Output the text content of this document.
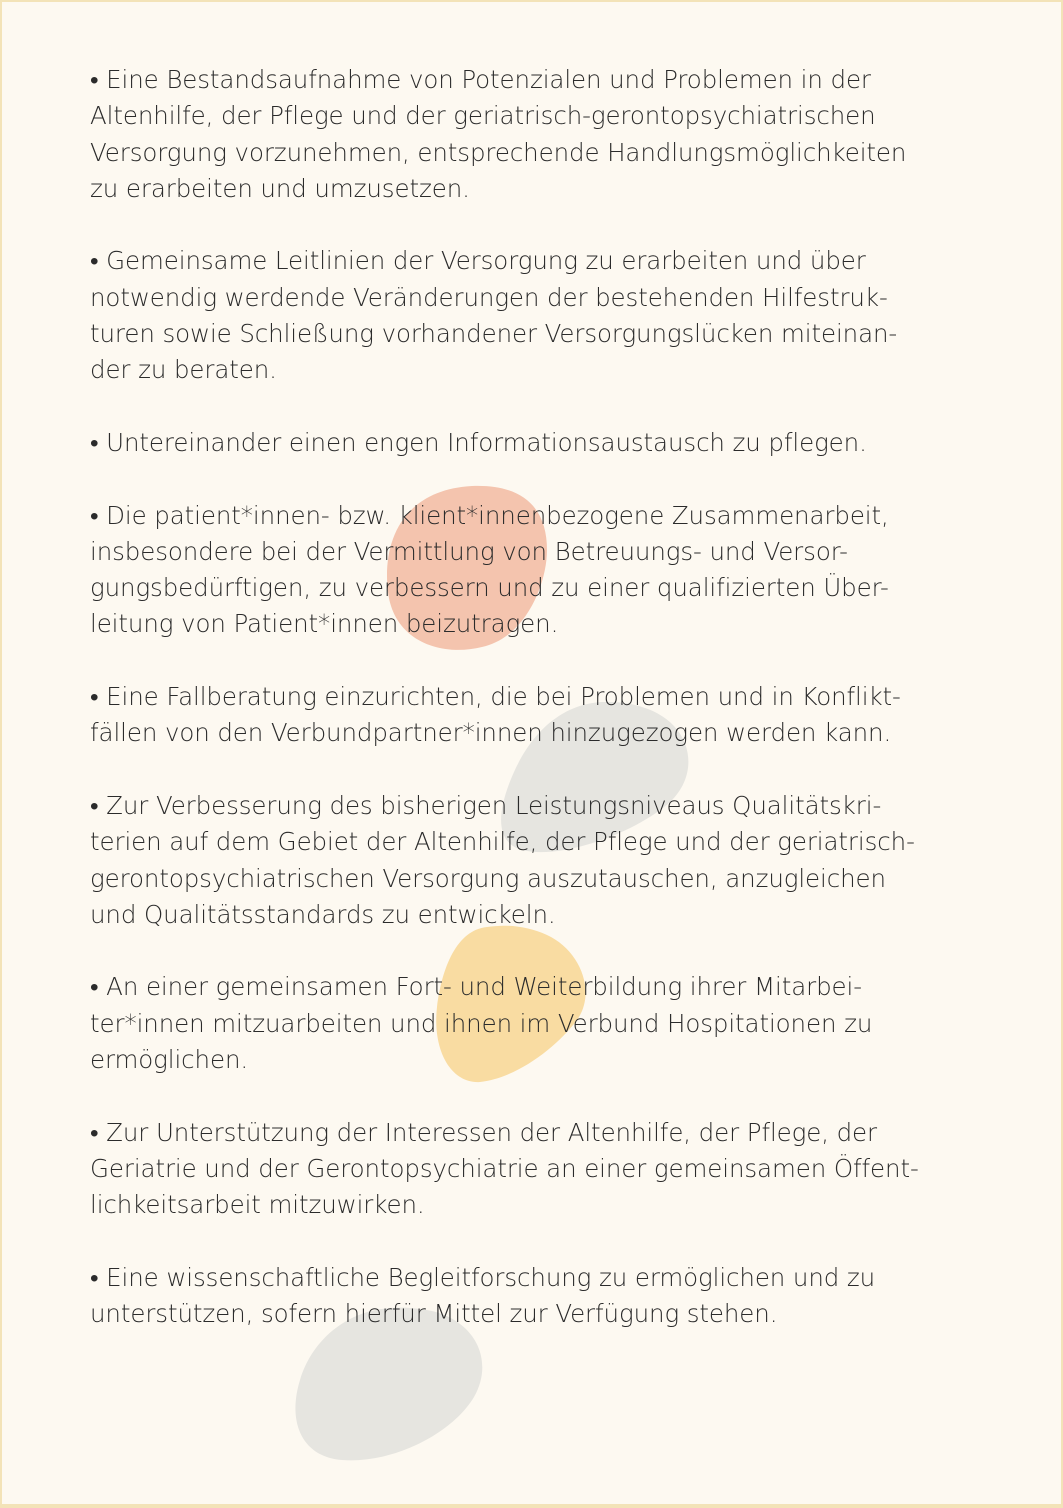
• Eine Bestandsaufnahme von Potenzialen und Problemen in der
Altenhilfe, der Pflege und der geriatrisch-gerontopsychiatrischen
Versorgung vorzunehmen, entsprechende Handlungsmöglichkeiten
zu erarbeiten und umzusetzen.
• Gemeinsame Leitlinien der Versorgung zu erarbeiten und über
notwendig werdende Veränderungen der bestehenden Hilfestruk-
turen sowie Schließung vorhandener Versorgungslücken miteinan-
der zu beraten.
• Untereinander einen engen Informationsaustausch zu pflegen.
• Die patient*innen- bzw. klient*innenbezogene Zusammenarbeit,
insbesondere bei der Vermittlung von Betreuungs- und Versor-
gungsbedürftigen, zu verbessern und zu einer qualifizierten Über-
leitung von Patient*innen beizutragen.
• Eine Fallberatung einzurichten, die bei Problemen und in Konflikt-
fällen von den Verbundpartner*innen hinzugezogen werden kann.
• Zur Verbesserung des bisherigen Leistungsniveaus Qualitätskri-
terien auf dem Gebiet der Altenhilfe, der Pflege und der geriatrisch-
gerontopsychiatrischen Versorgung auszutauschen, anzugleichen
und Qualitätsstandards zu entwickeln.
• An einer gemeinsamen Fort- und Weiterbildung ihrer Mitarbei-
ter*innen mitzuarbeiten und ihnen im Verbund Hospitationen zu
ermöglichen.
• Zur Unterstützung der Interessen der Altenhilfe, der Pflege, der
Geriatrie und der Gerontopsychiatrie an einer gemeinsamen Öffent-
lichkeitsarbeit mitzuwirken.
• Eine wissenschaftliche Begleitforschung zu ermöglichen und zu
unterstützen, sofern hierfür Mittel zur Verfügung stehen.
